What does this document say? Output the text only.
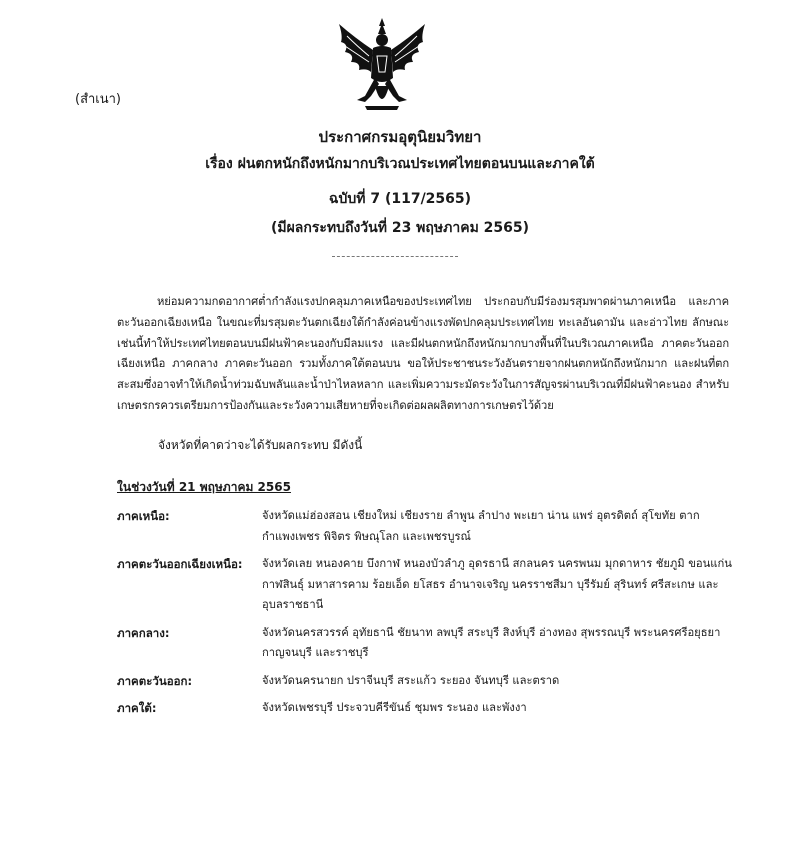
(สำเนา)
ประกาศกรมอุตุนิยมวิทยา
เรื่อง ฝนตกหนักถึงหนักมากบริเวณประเทศไทยตอนบนและภาคใต้
ฉบับที่ 7 (117/2565)
(มีผลกระทบถึงวันที่ 23 พฤษภาคม 2565)
หย่อมความกดอากาศต่ำกำลังแรงปกคลุมภาคเหนือของประเทศไทย ประกอบกับมีร่องมรสุมพาดผ่านภาคเหนือ และภาคตะวันออกเฉียงเหนือ ในขณะที่มรสุมตะวันตกเฉียงใต้กำลังค่อนข้างแรงพัดปกคลุมประเทศไทย ทะเลอันดามัน และอ่าวไทย ลักษณะเช่นนี้ทำให้ประเทศไทยตอนบนมีฝนฟ้าคะนองกับมีลมแรง และมีฝนตกหนักถึงหนักมากบางพื้นที่ในบริเวณภาคเหนือ ภาคตะวันออกเฉียงเหนือ ภาคกลาง ภาคตะวันออก รวมทั้งภาคใต้ตอนบน ขอให้ประชาชนระวังอันตรายจากฝนตกหนักถึงหนักมาก และฝนที่ตกสะสมซึ่งอาจทำให้เกิดน้ำท่วมฉับพลันและน้ำป่าไหลหลาก และเพิ่มความระมัดระวังในการสัญจรผ่านบริเวณที่มีฝนฟ้าคะนอง สำหรับเกษตรกรควรเตรียมการป้องกันและระวังความเสียหายที่จะเกิดต่อผลผลิตทางการเกษตรไว้ด้วย
จังหวัดที่คาดว่าจะได้รับผลกระทบ มีดังนี้
ในช่วงวันที่ 21 พฤษภาคม 2565
ภาคเหนือ:	จังหวัดแม่ฮ่องสอน เชียงใหม่ เชียงราย ลำพูน ลำปาง พะเยา น่าน แพร่ อุตรดิตถ์ สุโขทัย ตาก กำแพงเพชร พิจิตร พิษณุโลก และเพชรบูรณ์
ภาคตะวันออกเฉียงเหนือ:	จังหวัดเลย หนองคาย บึงกาฬ หนองบัวลำภู อุดรธานี สกลนคร นครพนม มุกดาหาร ชัยภูมิ ขอนแก่น กาฬสินธุ์ มหาสารคาม ร้อยเอ็ด ยโสธร อำนาจเจริญ นครราชสีมา บุรีรัมย์ สุรินทร์ ศรีสะเกษ และอุบลราชธานี
ภาคกลาง:	จังหวัดนครสวรรค์ อุทัยธานี ชัยนาท ลพบุรี สระบุรี สิงห์บุรี อ่างทอง สุพรรณบุรี พระนครศรีอยุธยา กาญจนบุรี และราชบุรี
ภาคตะวันออก:	จังหวัดนครนายก ปราจีนบุรี สระแก้ว ระยอง จันทบุรี และตราด
ภาคใต้:	จังหวัดเพชรบุรี ประจวบคีรีขันธ์ ชุมพร ระนอง และพังงา
